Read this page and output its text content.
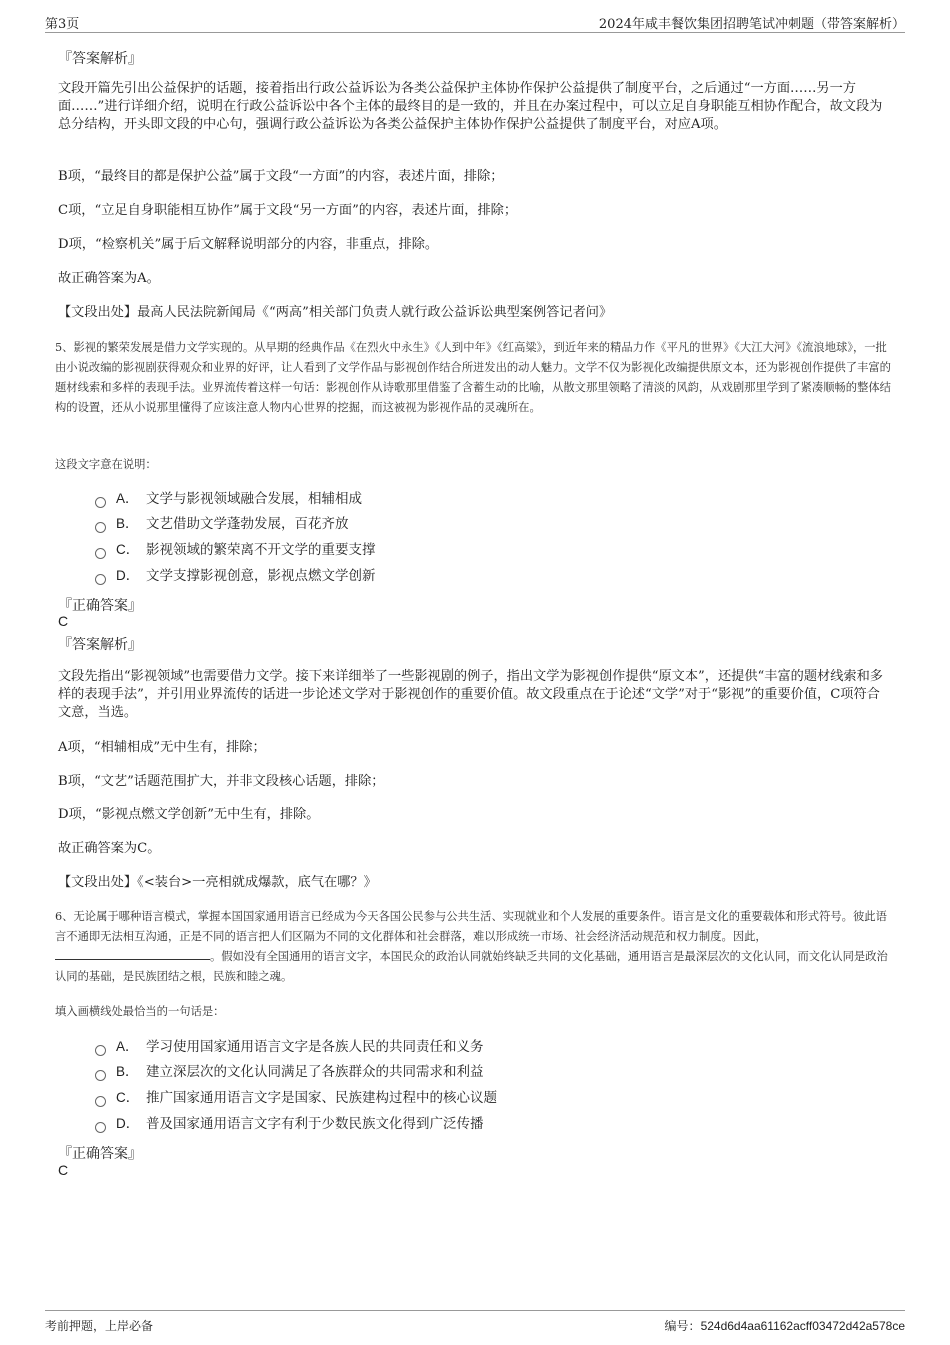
第3页	2024年咸丰餐饮集团招聘笔试冲刺题（带答案解析）

『答案解析』

文段开篇先引出公益保护的话题，接着指出行政公益诉讼为各类公益保护主体协作保护公益提供了制度平台，之后通过“一方面……另一方面……”进行详细介绍，说明在行政公益诉讼中各个主体的最终目的是一致的，并且在办案过程中，可以立足自身职能互相协作配合，故文段为总分结构，开头即文段的中心句，强调行政公益诉讼为各类公益保护主体协作保护公益提供了制度平台，对应A项。

B项，“最终目的都是保护公益”属于文段“一方面”的内容，表述片面，排除；

C项，“立足自身职能相互协作”属于文段“另一方面”的内容，表述片面，排除；

D项，“检察机关”属于后文解释说明部分的内容，非重点，排除。

故正确答案为A。

【文段出处】最高人民法院新闻局《“两高”相关部门负责人就行政公益诉讼典型案例答记者问》

5、影视的繁荣发展是借力文学实现的。从早期的经典作品《在烈火中永生》《人到中年》《红高粱》，到近年来的精品力作《平凡的世界》《大江大河》《流浪地球》，一批由小说改编的影视剧获得观众和业界的好评，让人看到了文学作品与影视创作结合所迸发出的动人魅力。文学不仅为影视化改编提供原文本，还为影视创作提供了丰富的题材线索和多样的表现手法。业界流传着这样一句话：影视创作从诗歌那里借鉴了含蓄生动的比喻，从散文那里领略了清淡的风韵，从戏剧那里学到了紧凑顺畅的整体结构的设置，还从小说那里懂得了应该注意人物内心世界的挖掘，而这被视为影视作品的灵魂所在。

这段文字意在说明：

A． 文学与影视领域融合发展，相辅相成
B． 文艺借助文学蓬勃发展，百花齐放
C． 影视领域的繁荣离不开文学的重要支撑
D． 文学支撑影视创意，影视点燃文学创新

『正确答案』

C

『答案解析』

文段先指出“影视领域”也需要借力文学。接下来详细举了一些影视剧的例子，指出文学为影视创作提供“原文本”，还提供“丰富的题材线索和多样的表现手法”，并引用业界流传的话进一步论述文学对于影视创作的重要价值。故文段重点在于论述“文学”对于“影视”的重要价值，C项符合文意，当选。

A项，“相辅相成”无中生有，排除；

B项，“文艺”话题范围扩大，并非文段核心话题，排除；

D项，“影视点燃文学创新”无中生有，排除。

故正确答案为C。

【文段出处】《<装台>一亮相就成爆款，底气在哪？》

6、无论属于哪种语言模式，掌握本国国家通用语言已经成为今天各国公民参与公共生活、实现就业和个人发展的重要条件。语言是文化的重要载体和形式符号。彼此语言不通即无法相互沟通，正是不同的语言把人们区隔为不同的文化群体和社会群落，难以形成统一市场、社会经济活动规范和权力制度。因此，。假如没有全国通用的语言文字，本国民众的政治认同就始终缺乏共同的文化基础，通用语言是最深层次的文化认同，而文化认同是政治认同的基础，是民族团结之根，民族和睦之魂。

填入画横线处最恰当的一句话是：

A． 学习使用国家通用语言文字是各族人民的共同责任和义务
B． 建立深层次的文化认同满足了各族群众的共同需求和利益
C． 推广国家通用语言文字是国家、民族建构过程中的核心议题
D． 普及国家通用语言文字有利于少数民族文化得到广泛传播

『正确答案』

C

考前押题，上岸必备	编号：524d6d4aa61162acff03472d42a578ce
